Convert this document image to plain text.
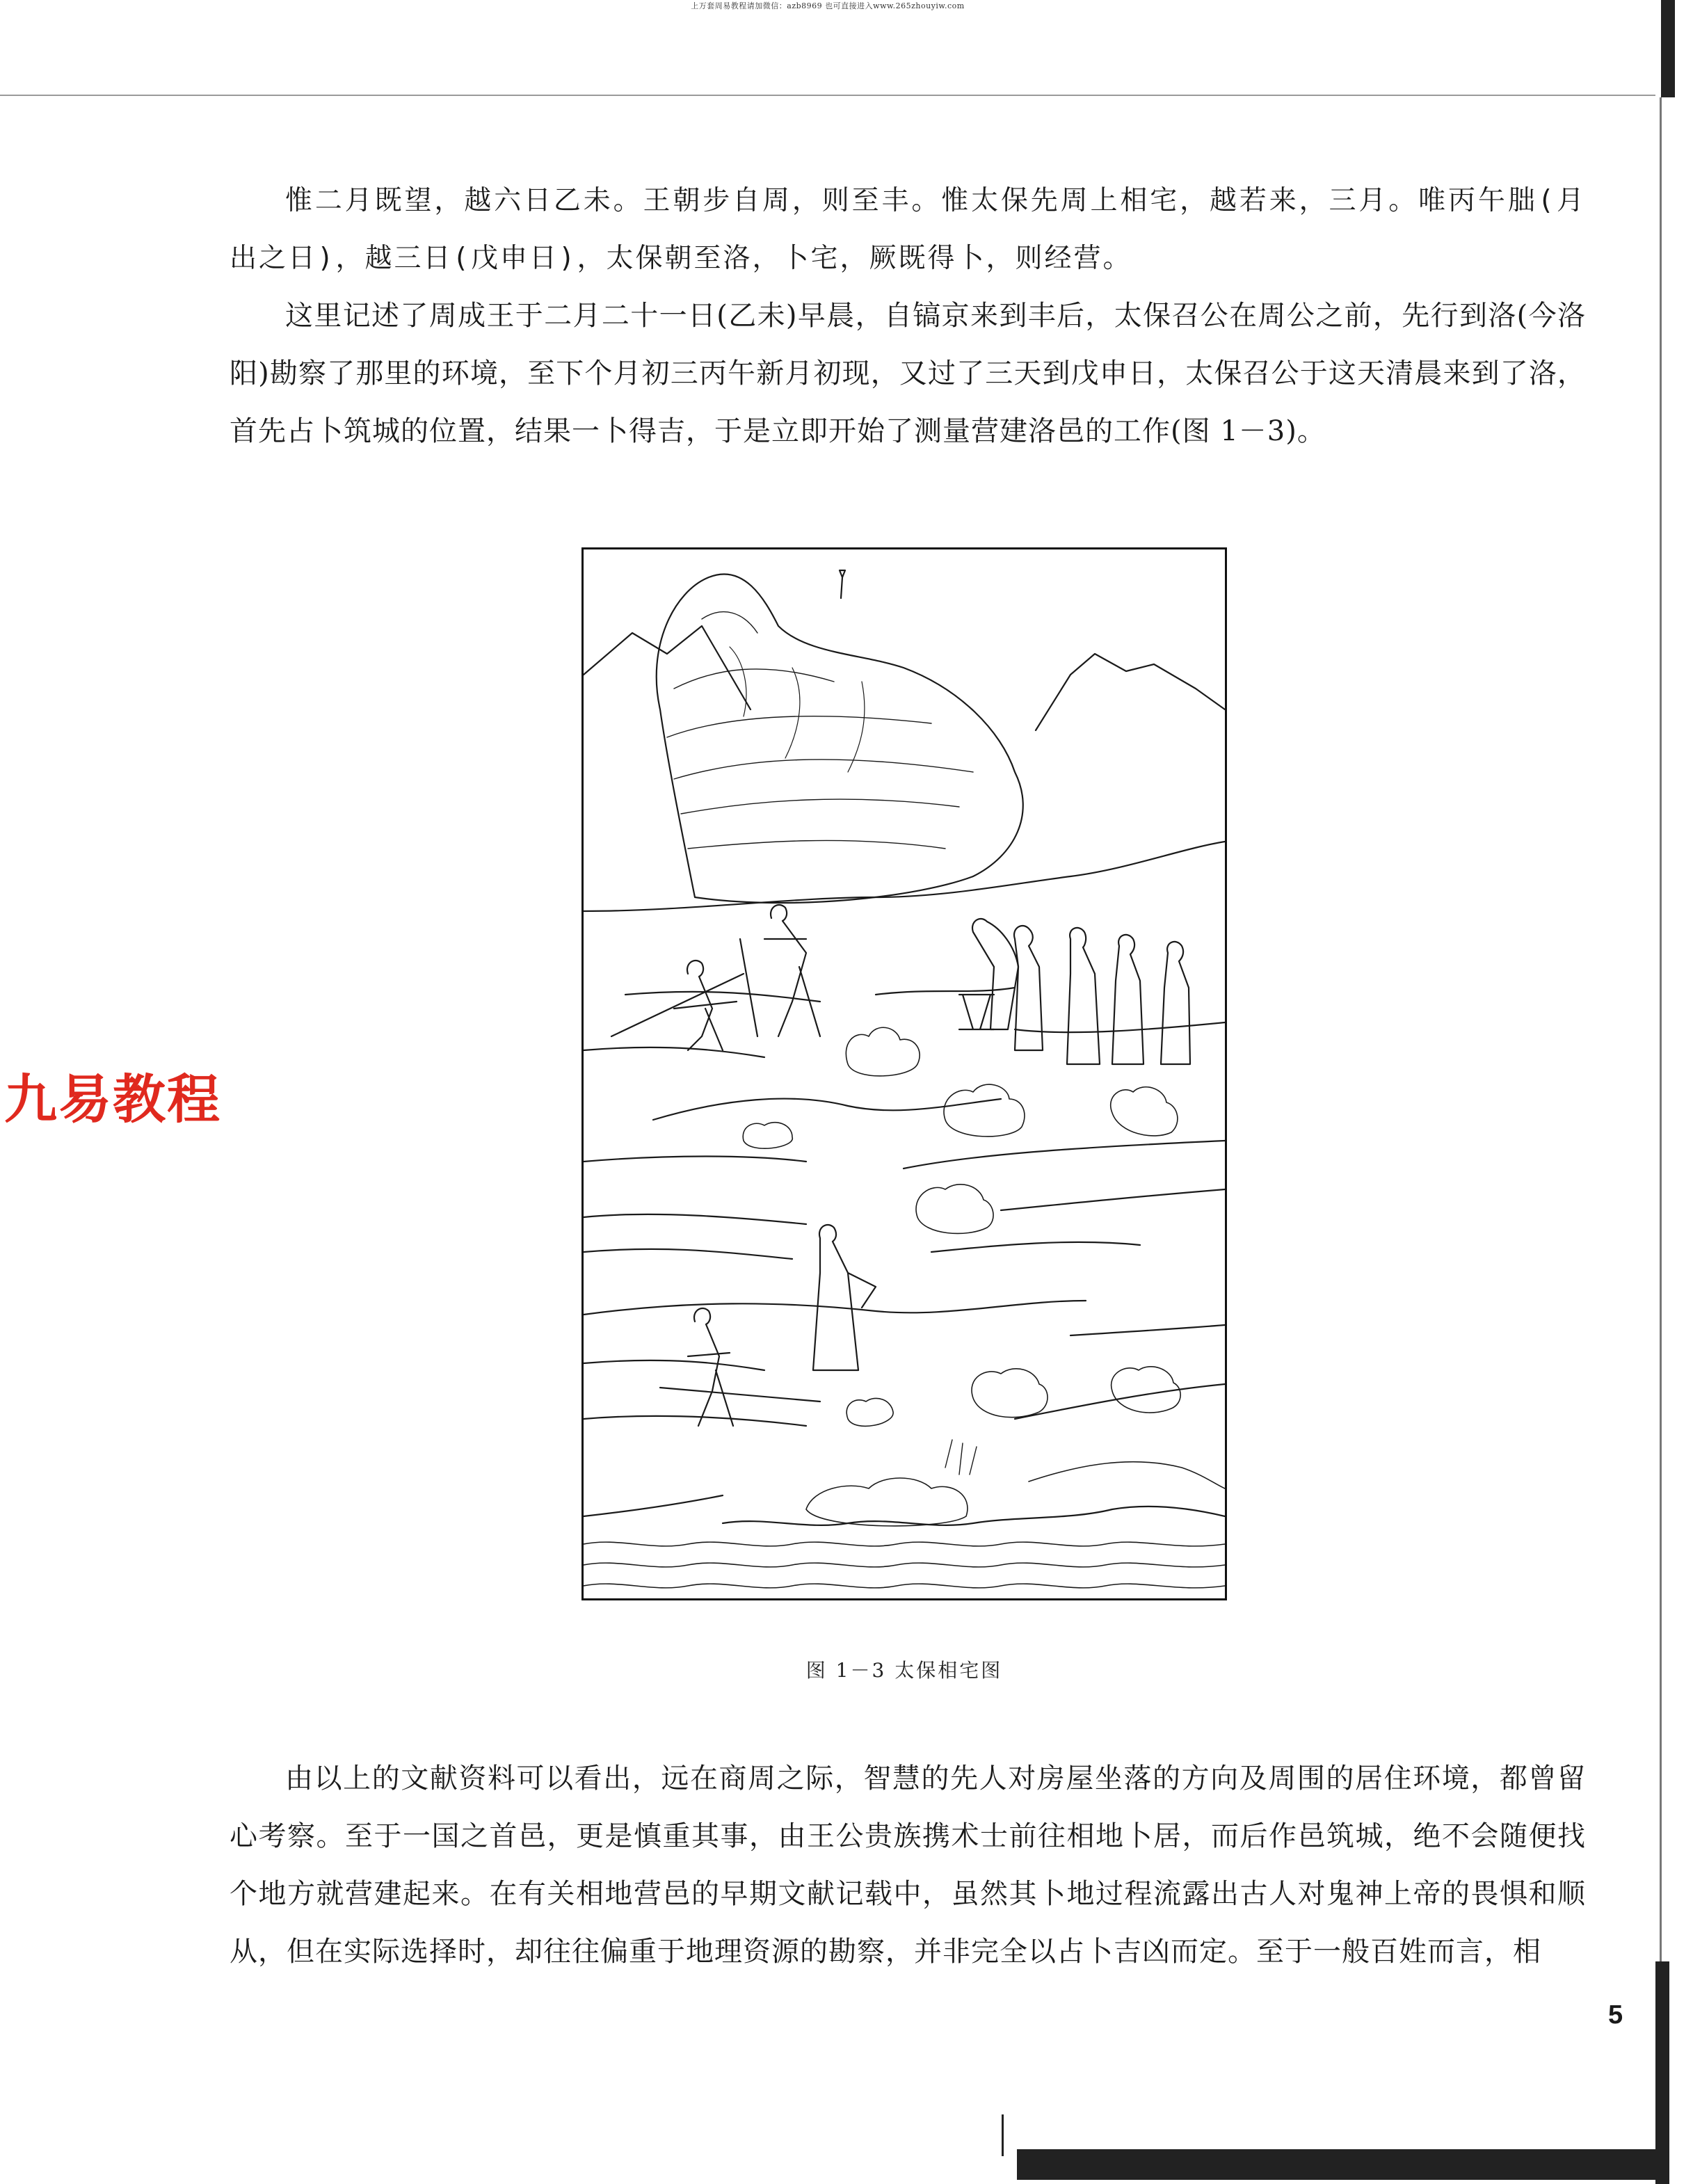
上万套周易教程请加微信：azb8969 也可直接进入www.265zhouyiw.com

惟二月既望，越六日乙未。王朝步自周，则至丰。惟太保先周上相宅，越若来，三月。唯丙午朏(月出之日)，越三日(戊申日)，太保朝至洛，卜宅，厥既得卜，则经营。

这里记述了周成王于二月二十一日(乙未)早晨，自镐京来到丰后，太保召公在周公之前，先行到洛(今洛阳)勘察了那里的环境，至下个月初三丙午新月初现，又过了三天到戊申日，太保召公于这天清晨来到了洛，首先占卜筑城的位置，结果一卜得吉，于是立即开始了测量营建洛邑的工作(图 1－3)。

图 1－3 太保相宅图

由以上的文献资料可以看出，远在商周之际，智慧的先人对房屋坐落的方向及周围的居住环境，都曾留心考察。至于一国之首邑，更是慎重其事，由王公贵族携术士前往相地卜居，而后作邑筑城，绝不会随便找个地方就营建起来。在有关相地营邑的早期文献记载中，虽然其卜地过程流露出古人对鬼神上帝的畏惧和顺从，但在实际选择时，却往往偏重于地理资源的勘察，并非完全以占卜吉凶而定。至于一般百姓而言，相

九易教程
5
